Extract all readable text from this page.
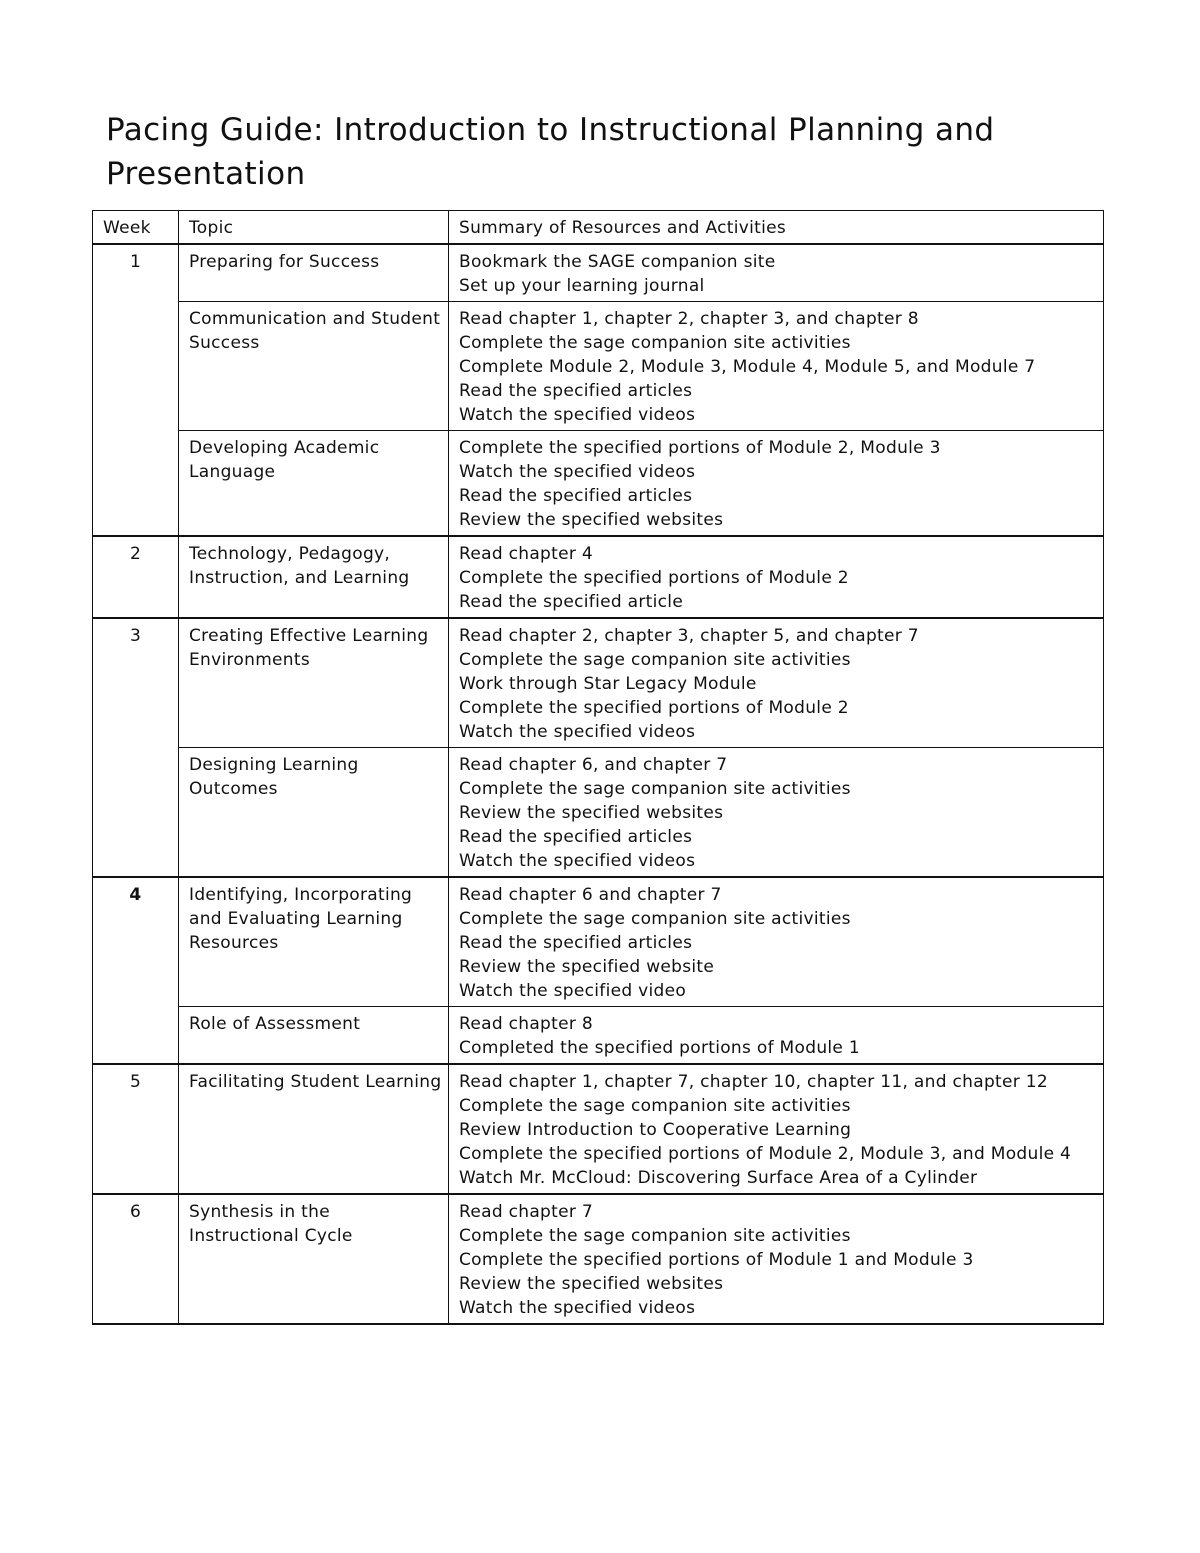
Pacing Guide: Introduction to Instructional Planning and Presentation
Week	Topic	Summary of Resources and Activities
1	Preparing for Success	Bookmark the SAGE companion site
Set up your learning journal

	Communication and Student Success	Read chapter 1, chapter 2, chapter 3, and chapter 8
Complete the sage companion site activities
Complete Module 2, Module 3, Module 4, Module 5, and Module 7
Read the specified articles
Watch the specified videos

	Developing Academic Language	Complete the specified portions of Module 2, Module 3
Watch the specified videos
Read the specified articles
Review the specified websites

2	Technology, Pedagogy, Instruction, and Learning	Read chapter 4
Complete the specified portions of Module 2
Read the specified article

3	Creating Effective Learning Environments	Read chapter 2, chapter 3, chapter 5, and chapter 7
Complete the sage companion site activities
Work through Star Legacy Module
Complete the specified portions of Module 2
Watch the specified videos

	Designing Learning Outcomes	Read chapter 6, and chapter 7
Complete the sage companion site activities
Review the specified websites
Read the specified articles
Watch the specified videos

4	Identifying, Incorporating and Evaluating Learning Resources	Read chapter 6 and chapter 7
Complete the sage companion site activities
Read the specified articles
Review the specified website
Watch the specified video

	Role of Assessment	Read chapter 8
Completed the specified portions of Module 1

5	Facilitating Student Learning	Read chapter 1, chapter 7, chapter 10, chapter 11, and chapter 12
Complete the sage companion site activities
Review Introduction to Cooperative Learning
Complete the specified portions of Module 2, Module 3, and Module 4
Watch Mr. McCloud: Discovering Surface Area of a Cylinder

6	Synthesis in the Instructional Cycle	Read chapter 7
Complete the sage companion site activities
Complete the specified portions of Module 1 and Module 3
Review the specified websites
Watch the specified videos
